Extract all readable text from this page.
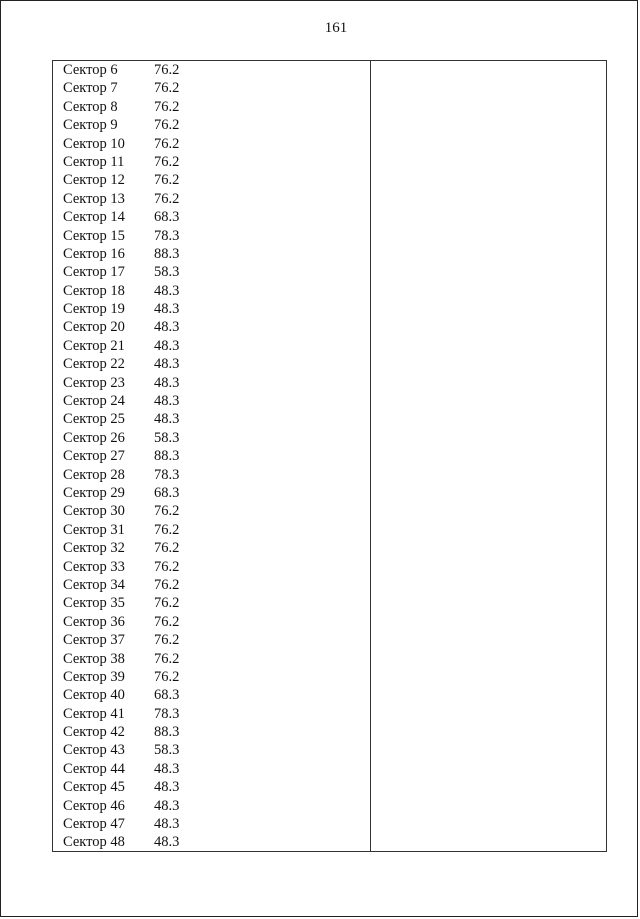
161
Сектор 6	76.2
Сектор 7	76.2
Сектор 8	76.2
Сектор 9	76.2
Сектор 10 76.2
Сектор 11 76.2
Сектор 12 76.2
Сектор 13 76.2
Сектор 14 68.3
Сектор 15 78.3
Сектор 16 88.3
Сектор 17 58.3
Сектор 18 48.3
Сектор 19 48.3
Сектор 20 48.3
Сектор 21 48.3
Сектор 22 48.3
Сектор 23 48.3
Сектор 24 48.3
Сектор 25 48.3
Сектор 26 58.3
Сектор 27 88.3
Сектор 28 78.3
Сектор 29 68.3
Сектор 30 76.2
Сектор 31 76.2
Сектор 32 76.2
Сектор 33 76.2
Сектор 34 76.2
Сектор 35 76.2
Сектор 36 76.2
Сектор 37 76.2
Сектор 38 76.2
Сектор 39 76.2
Сектор 40 68.3
Сектор 41 78.3
Сектор 42 88.3
Сектор 43 58.3
Сектор 44 48.3
Сектор 45 48.3
Сектор 46 48.3
Сектор 47 48.3
Сектор 48 48.3
